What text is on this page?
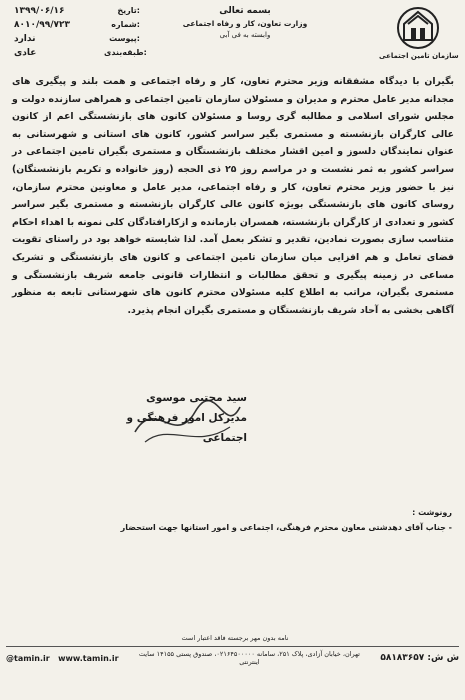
سازمان تامین اجتماعی
بسمه تعالی
وزارت تعاون، کار و رفاه اجتماعی
وابسته به فی آبی
تاریخ:
۱۳۹۹/۰۶/۱۶
شماره:
۸۰۱۰/۹۹/۷۲۳
پیوست:
ندارد
طبقه‌بندی:
عادی
بگیران با دیدگاه مشفقانه وزیر محترم تعاون، کار و رفاه اجتماعی و همت بلند و پیگیری های مجدانه مدیر عامل محترم و مدیران و مسئولان سازمان تامین اجتماعی و همراهی سازنده دولت و مجلس شورای اسلامی و مطالبه گری روسا و مسئولان کانون های بازنشستگی اعم از کانون عالی کارگران بازنشسته و مستمری بگیر سراسر کشور، کانون های استانی و شهرستانی به عنوان نمایندگان دلسوز و امین اقشار مختلف بازنشستگان و مستمری بگیران تامین اجتماعی در سراسر کشور به ثمر نشست و در مراسم روز ۲۵ ذی الحجه (روز خانواده و تکریم بازنشستگان) نیز با حضور وزیر محترم تعاون، کار و رفاه اجتماعی، مدیر عامل و معاونین محترم سازمان، روسای کانون های بازنشستگی بویژه کانون عالی کارگران بازنشسته و مستمری بگیر سراسر کشور و تعدادی از کارگران بازنشسته، همسران بازمانده و ازکارافتادگان کلی نمونه با اهداء احکام متناسب سازی بصورت نمادین، تقدیر و تشکر بعمل آمد. لذا شایسته خواهد بود در راستای تقویت فضای تعامل و هم افزایی میان سازمان تامین اجتماعی و کانون های بازنشستگی و تشریک مساعی در زمینه پیگیری و تحقق مطالبات و انتظارات قانونی جامعه شریف بازنشستگی و مستمری بگیران، مراتب به اطلاع کلیه مسئولان محترم کانون های شهرستانی تابعه به منظور آگاهی بخشی به آحاد شریف بازنشستگان و مستمری بگیران انجام پذیرد.
سید مجتبی موسوی
مدیرکل امور فرهنگی و
اجتماعی
رونوشت :
- جناب آقای دهدشتی معاون محترم فرهنگی، اجتماعی و امور استانها جهت استحضار
نامه بدون مهر برجسته فاقد اعتبار است
@tamin.ir www.tamin.ir	تهران، خیابان آزادی، پلاک ۲۵۱، سامانه ۰۲۱۶۴۵۰۰۰۰۰، صندوق پستی ۱۴۱۵۵ سایت اینترنتی	ش ش: ۵۸۱۸۳۶۵۷
